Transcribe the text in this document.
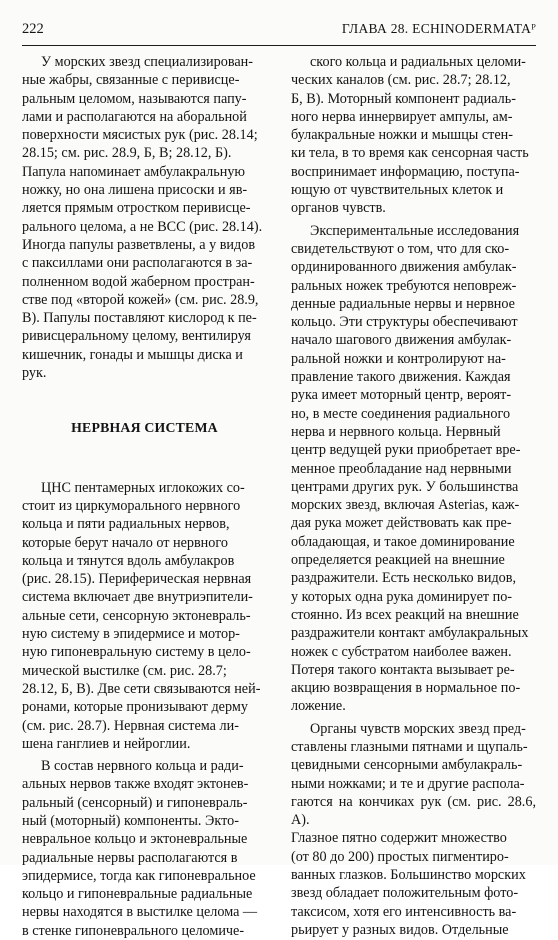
222	ГЛАВА 28. ECHINODERMATAᴾ

У морских звезд специализирован-
ные жабры, связанные с перивисце-
ральным целомом, называются папу-
лами и располагаются на аборальной
поверхности мясистых рук (рис. 28.14;
28.15; см. рис. 28.9, Б, В; 28.12, Б).
Папула напоминает амбулакральную
ножку, но она лишена присоски и яв-
ляется прямым отростком перивисце-
рального целома, а не ВСС (рис. 28.14).
Иногда папулы разветвлены, а у видов
с паксиллами они располагаются в за-
полненном водой жаберном простран-
стве под «второй кожей» (см. рис. 28.9,
В). Папулы поставляют кислород к пе-
ривисцеральному целому, вентилируя
кишечник, гонады и мышцы диска и
рук.

НЕРВНАЯ СИСТЕМА

ЦНС пентамерных иглокожих со-
стоит из циркуморального нервного
кольца и пяти радиальных нервов,
которые берут начало от нервного
кольца и тянутся вдоль амбулакров
(рис. 28.15). Периферическая нервная
система включает две внутриэпители-
альные сети, сенсорную эктоневраль-
ную систему в эпидермисе и мотор-
ную гипоневральную систему в цело-
мической выстилке (см. рис. 28.7;
28.12, Б, В). Две сети связываются ней-
ронами, которые пронизывают дерму
(см. рис. 28.7). Нервная система ли-
шена ганглиев и нейроглии.

В состав нервного кольца и ради-
альных нервов также входят эктонев-
ральный (сенсорный) и гипоневраль-
ный (моторный) компоненты. Экто-
невральное кольцо и эктоневральные
радиальные нервы располагаются в
эпидермисе, тогда как гипоневральное
кольцо и гипоневральные радиальные
нервы находятся в выстилке целома —
в стенке гипоневрального целомиче-

ского кольца и радиальных целоми-
ческих каналов (см. рис. 28.7; 28.12,
Б, В). Моторный компонент радиаль-
ного нерва иннервирует ампулы, ам-
булакральные ножки и мышцы стен-
ки тела, в то время как сенсорная часть
воспринимает информацию, поступа-
ющую от чувствительных клеток и
органов чувств.

Экспериментальные исследования
свидетельствуют о том, что для ско-
ординированного движения амбулак-
ральных ножек требуются неповреж-
денные радиальные нервы и нервное
кольцо. Эти структуры обеспечивают
начало шагового движения амбулак-
ральной ножки и контролируют на-
правление такого движения. Каждая
рука имеет моторный центр, вероят-
но, в месте соединения радиального
нерва и нервного кольца. Нервный
центр ведущей руки приобретает вре-
менное преобладание над нервными
центрами других рук. У большинства
морских звезд, включая Asterias, каж-
дая рука может действовать как пре-
обладающая, и такое доминирование
определяется реакцией на внешние
раздражители. Есть несколько видов,
у которых одна рука доминирует по-
стоянно. Из всех реакций на внешние
раздражители контакт амбулакральных
ножек с субстратом наиболее важен.
Потеря такого контакта вызывает ре-
акцию возвращения в нормальное по-
ложение.

Органы чувств морских звезд пред-
ставлены глазными пятнами и щупаль-
цевидными сенсорными амбулакраль-
ными ножками; и те и другие распола-
гаются на кончиках рук (см. рис. 28.6, А).
Глазное пятно содержит множество
(от 80 до 200) простых пигментиро-
ванных глазков. Большинство морских
звезд обладает положительным фото-
таксисом, хотя его интенсивность ва-
рьирует у разных видов. Отдельные
